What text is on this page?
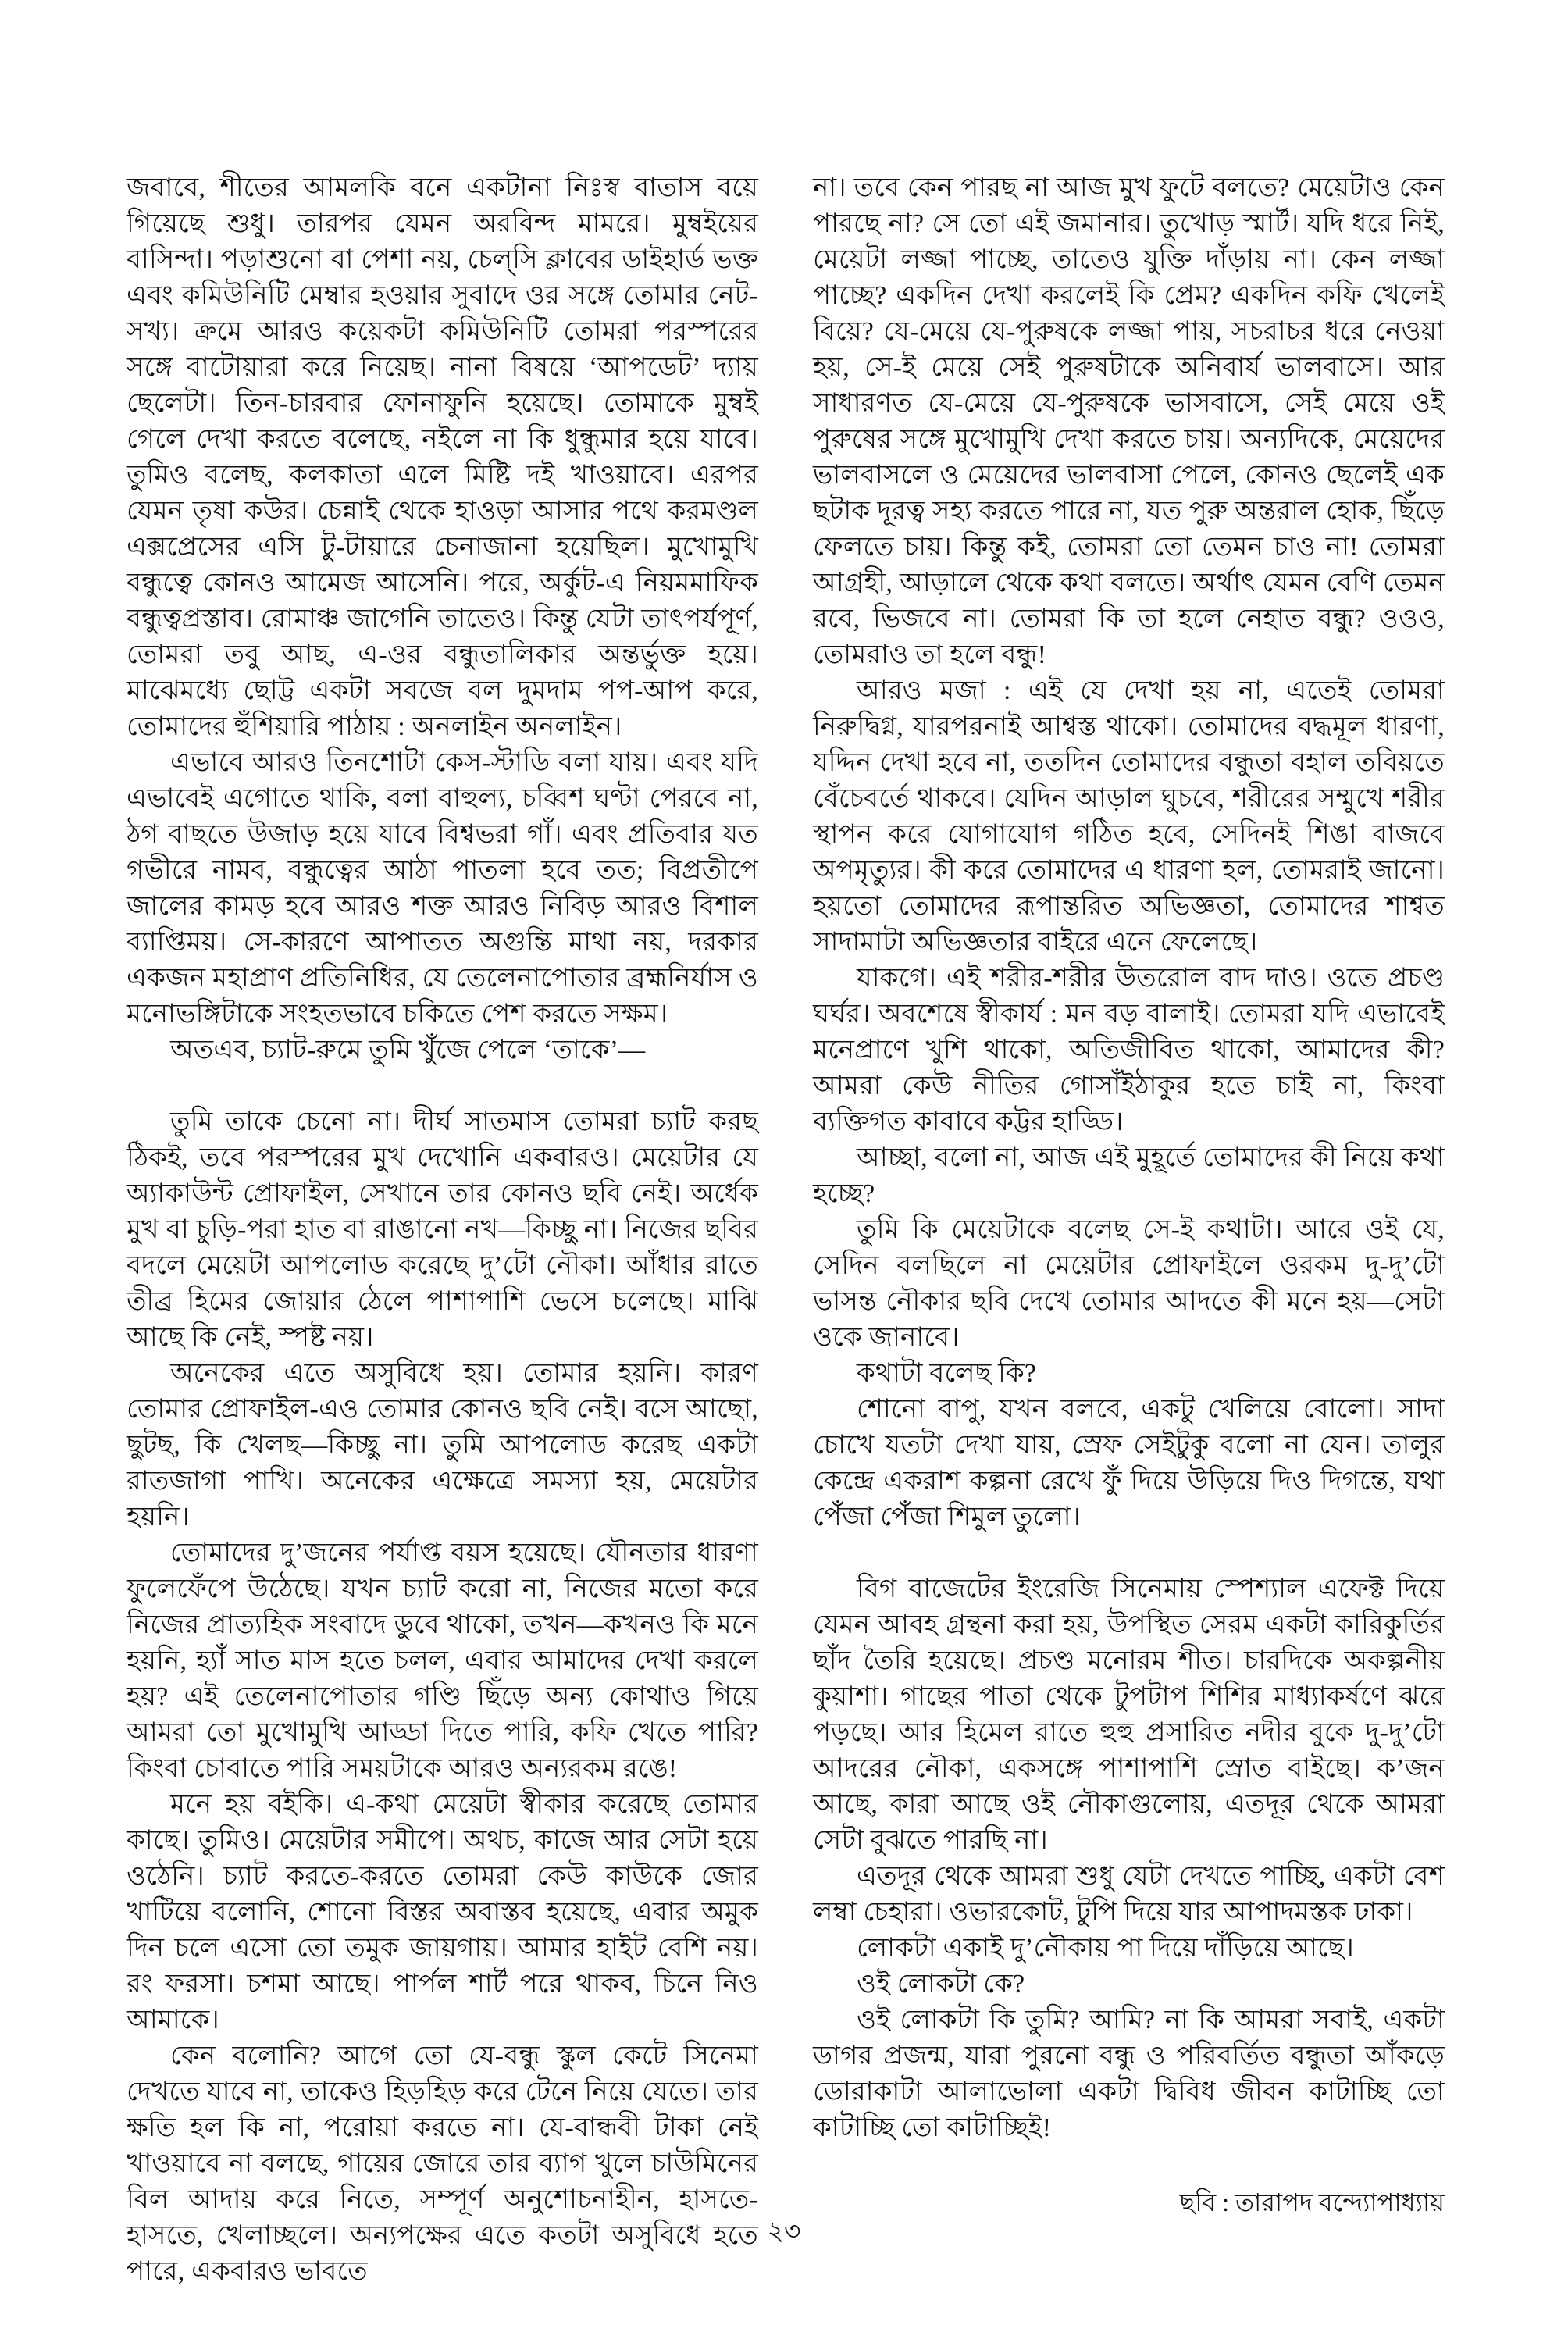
জবাবে, শীতের আমলকি বনে একটানা নিঃস্ব বাতাস বয়ে গিয়েছে শুধু। তারপর যেমন অরবিন্দ মামরে। মুম্বইয়ের বাসিন্দা। পড়াশুনো বা পেশা নয়, চেল্‌সি ক্লাবের ডাইহার্ড ভক্ত এবং কমিউনিটি মেম্বার হওয়ার সুবাদে ওর সঙ্গে তোমার নেট-সখ্য। ক্রমে আরও কয়েকটা কমিউনিটি তোমরা পরস্পরের সঙ্গে বাটোয়ারা করে নিয়েছ। নানা বিষয়ে ‘আপডেট’ দ্যায় ছেলেটা। তিন-চারবার ফোনাফুনি হয়েছে। তোমাকে মুম্বই গেলে দেখা করতে বলেছে, নইলে না কি ধুন্ধুমার হয়ে যাবে। তুমিও বলেছ, কলকাতা এলে মিষ্টি দই খাওয়াবে। এরপর যেমন তৃষা কউর। চেন্নাই থেকে হাওড়া আসার পথে করমণ্ডল এক্সপ্রেসের এসি টু-টায়ারে চেনাজানা হয়েছিল। মুখোমুখি বন্ধুত্বে কোনও আমেজ আসেনি। পরে, অর্কুট-এ নিয়মমাফিক বন্ধুত্বপ্রস্তাব। রোমাঞ্চ জাগেনি তাতেও। কিন্তু যেটা তাৎপর্যপূর্ণ, তোমরা তবু আছ, এ-ওর বন্ধুতালিকার অন্তর্ভুক্ত হয়ে। মাঝেমধ্যে ছোট্ট একটা সবজে বল দুমদাম পপ-আপ করে, তোমাদের হুঁশিয়ারি পাঠায় : অনলাইন অনলাইন।

এভাবে আরও তিনশোটা কেস-স্টাডি বলা যায়। এবং যদি এভাবেই এগোতে থাকি, বলা বাহুল্য, চব্বিশ ঘণ্টা পেরবে না, ঠগ বাছতে উজাড় হয়ে যাবে বিশ্বভরা গাঁ। এবং প্রতিবার যত গভীরে নামব, বন্ধুত্বের আঠা পাতলা হবে তত; বিপ্রতীপে জালের কামড় হবে আরও শক্ত আরও নিবিড় আরও বিশাল ব্যাপ্তিময়। সে-কারণে আপাতত অগুন্তি মাথা নয়, দরকার একজন মহাপ্রাণ প্রতিনিধির, যে তেলেনাপোতার ব্রহ্মনির্যাস ও মনোভঙ্গিটাকে সংহতভাবে চকিতে পেশ করতে সক্ষম।

অতএব, চ্যাট-রুমে তুমি খুঁজে পেলে ‘তাকে’—

তুমি তাকে চেনো না। দীর্ঘ সাতমাস তোমরা চ্যাট করছ ঠিকই, তবে পরস্পরের মুখ দেখোনি একবারও। মেয়েটার যে অ্যাকাউন্ট প্রোফাইল, সেখানে তার কোনও ছবি নেই। অর্ধেক মুখ বা চুড়ি-পরা হাত বা রাঙানো নখ—কিচ্ছু না। নিজের ছবির বদলে মেয়েটা আপলোড করেছে দু’টো নৌকা। আঁধার রাতে তীব্র হিমের জোয়ার ঠেলে পাশাপাশি ভেসে চলেছে। মাঝি আছে কি নেই, স্পষ্ট নয়।

অনেকের এতে অসুবিধে হয়। তোমার হয়নি। কারণ তোমার প্রোফাইল-এও তোমার কোনও ছবি নেই। বসে আছো, ছুটছ, কি খেলছ—কিচ্ছু না। তুমি আপলোড করেছ একটা রাতজাগা পাখি। অনেকের এক্ষেত্রে সমস্যা হয়, মেয়েটার হয়নি।

তোমাদের দু’জনের পর্যাপ্ত বয়স হয়েছে। যৌনতার ধারণা ফুলেফেঁপে উঠেছে। যখন চ্যাট করো না, নিজের মতো করে নিজের প্রাত্যহিক সংবাদে ডুবে থাকো, তখন—কখনও কি মনে হয়নি, হ্যাঁ সাত মাস হতে চলল, এবার আমাদের দেখা করলে হয়? এই তেলেনাপোতার গণ্ডি ছিঁড়ে অন্য কোথাও গিয়ে আমরা তো মুখোমুখি আড্ডা দিতে পারি, কফি খেতে পারি? কিংবা চোবাতে পারি সময়টাকে আরও অন্যরকম রঙে!

মনে হয় বইকি। এ-কথা মেয়েটা স্বীকার করেছে তোমার কাছে। তুমিও। মেয়েটার সমীপে। অথচ, কাজে আর সেটা হয়ে ওঠেনি। চ্যাট করতে-করতে তোমরা কেউ কাউকে জোর খাটিয়ে বলোনি, শোনো বিস্তর অবাস্তব হয়েছে, এবার অমুক দিন চলে এসো তো তমুক জায়গায়। আমার হাইট বেশি নয়। রং ফরসা। চশমা আছে। পার্পল শার্ট পরে থাকব, চিনে নিও আমাকে।

কেন বলোনি? আগে তো যে-বন্ধু স্কুল কেটে সিনেমা দেখতে যাবে না, তাকেও হিড়হিড় করে টেনে নিয়ে যেতে। তার ক্ষতি হল কি না, পরোয়া করতে না। যে-বান্ধবী টাকা নেই খাওয়াবে না বলছে, গায়ের জোরে তার ব্যাগ খুলে চাউমিনের বিল আদায় করে নিতে, সম্পূর্ণ অনুশোচনাহীন, হাসতে-হাসতে, খেলাচ্ছলে। অন্যপক্ষের এতে কতটা অসুবিধে হতে পারে, একবারও ভাবতে

না। তবে কেন পারছ না আজ মুখ ফুটে বলতে? মেয়েটাও কেন পারছে না? সে তো এই জমানার। তুখোড় স্মার্ট। যদি ধরে নিই, মেয়েটা লজ্জা পাচ্ছে, তাতেও যুক্তি দাঁড়ায় না। কেন লজ্জা পাচ্ছে? একদিন দেখা করলেই কি প্রেম? একদিন কফি খেলেই বিয়ে? যে-মেয়ে যে-পুরুষকে লজ্জা পায়, সচরাচর ধরে নেওয়া হয়, সে-ই মেয়ে সেই পুরুষটাকে অনিবার্য ভালবাসে। আর সাধারণত যে-মেয়ে যে-পুরুষকে ভাসবাসে, সেই মেয়ে ওই পুরুষের সঙ্গে মুখোমুখি দেখা করতে চায়। অন্যদিকে, মেয়েদের ভালবাসলে ও মেয়েদের ভালবাসা পেলে, কোনও ছেলেই এক ছটাক দূরত্ব সহ্য করতে পারে না, যত পুরু অন্তরাল হোক, ছিঁড়ে ফেলতে চায়। কিন্তু কই, তোমরা তো তেমন চাও না! তোমরা আগ্রহী, আড়ালে থেকে কথা বলতে। অর্থাৎ যেমন বেণি তেমন রবে, ভিজবে না। তোমরা কি তা হলে নেহাত বন্ধু? ওওও, তোমরাও তা হলে বন্ধু!

আরও মজা : এই যে দেখা হয় না, এতেই তোমরা নিরুদ্বিগ্ন, যারপরনাই আশ্বস্ত থাকো। তোমাদের বদ্ধমূল ধারণা, যদ্দিন দেখা হবে না, ততদিন তোমাদের বন্ধুতা বহাল তবিয়তে বেঁচেবর্তে থাকবে। যেদিন আড়াল ঘুচবে, শরীরের সম্মুখে শরীর স্থাপন করে যোগাযোগ গঠিত হবে, সেদিনই শিঙা বাজবে অপমৃত্যুর। কী করে তোমাদের এ ধারণা হল, তোমরাই জানো। হয়তো তোমাদের রূপান্তরিত অভিজ্ঞতা, তোমাদের শাশ্বত সাদামাটা অভিজ্ঞতার বাইরে এনে ফেলেছে।

যাকগে। এই শরীর-শরীর উতরোল বাদ দাও। ওতে প্রচণ্ড ঘর্ঘর। অবশেষে স্বীকার্য : মন বড় বালাই। তোমরা যদি এভাবেই মনেপ্রাণে খুশি থাকো, অতিজীবিত থাকো, আমাদের কী? আমরা কেউ নীতির গোসাঁইঠাকুর হতে চাই না, কিংবা ব্যক্তিগত কাবাবে কট্টর হাড্ডি।

আচ্ছা, বলো না, আজ এই মুহূর্তে তোমাদের কী নিয়ে কথা হচ্ছে?

তুমি কি মেয়েটাকে বলেছ সে-ই কথাটা। আরে ওই যে, সেদিন বলছিলে না মেয়েটার প্রোফাইলে ওরকম দু-দু’টো ভাসন্ত নৌকার ছবি দেখে তোমার আদতে কী মনে হয়—সেটা ওকে জানাবে।

কথাটা বলেছ কি?

শোনো বাপু, যখন বলবে, একটু খেলিয়ে বোলো। সাদা চোখে যতটা দেখা যায়, স্রেফ সেইটুকু বলো না যেন। তালুর কেন্দ্রে একরাশ কল্পনা রেখে ফুঁ দিয়ে উড়িয়ে দিও দিগন্তে, যথা পেঁজা পেঁজা শিমুল তুলো।

বিগ বাজেটের ইংরেজি সিনেমায় স্পেশ্যাল এফেক্ট দিয়ে যেমন আবহ গ্রন্থনা করা হয়, উপস্থিত সেরম একটা কারিকুর্তির ছাঁদ তৈরি হয়েছে। প্রচণ্ড মনোরম শীত। চারদিকে অকল্পনীয় কুয়াশা। গাছের পাতা থেকে টুপটাপ শিশির মাধ্যাকর্ষণে ঝরে পড়ছে। আর হিমেল রাতে হুহু প্রসারিত নদীর বুকে দু-দু’টো আদরের নৌকা, একসঙ্গে পাশাপাশি স্রোত বাইছে। ক’জন আছে, কারা আছে ওই নৌকাগুলোয়, এতদূর থেকে আমরা সেটা বুঝতে পারছি না।

এতদূর থেকে আমরা শুধু যেটা দেখতে পাচ্ছি, একটা বেশ লম্বা চেহারা। ওভারকোট, টুপি দিয়ে যার আপাদমস্তক ঢাকা।

লোকটা একাই দু’নৌকায় পা দিয়ে দাঁড়িয়ে আছে।

ওই লোকটা কে?

ওই লোকটা কি তুমি? আমি? না কি আমরা সবাই, একটা ডাগর প্রজন্ম, যারা পুরনো বন্ধু ও পরিবর্তিত বন্ধুতা আঁকড়ে ডোরাকাটা আলাভোলা একটা দ্বিবিধ জীবন কাটাচ্ছি তো কাটাচ্ছি তো কাটাচ্ছিই!

ছবি : তারাপদ বন্দ্যোপাধ্যায়
২৩
